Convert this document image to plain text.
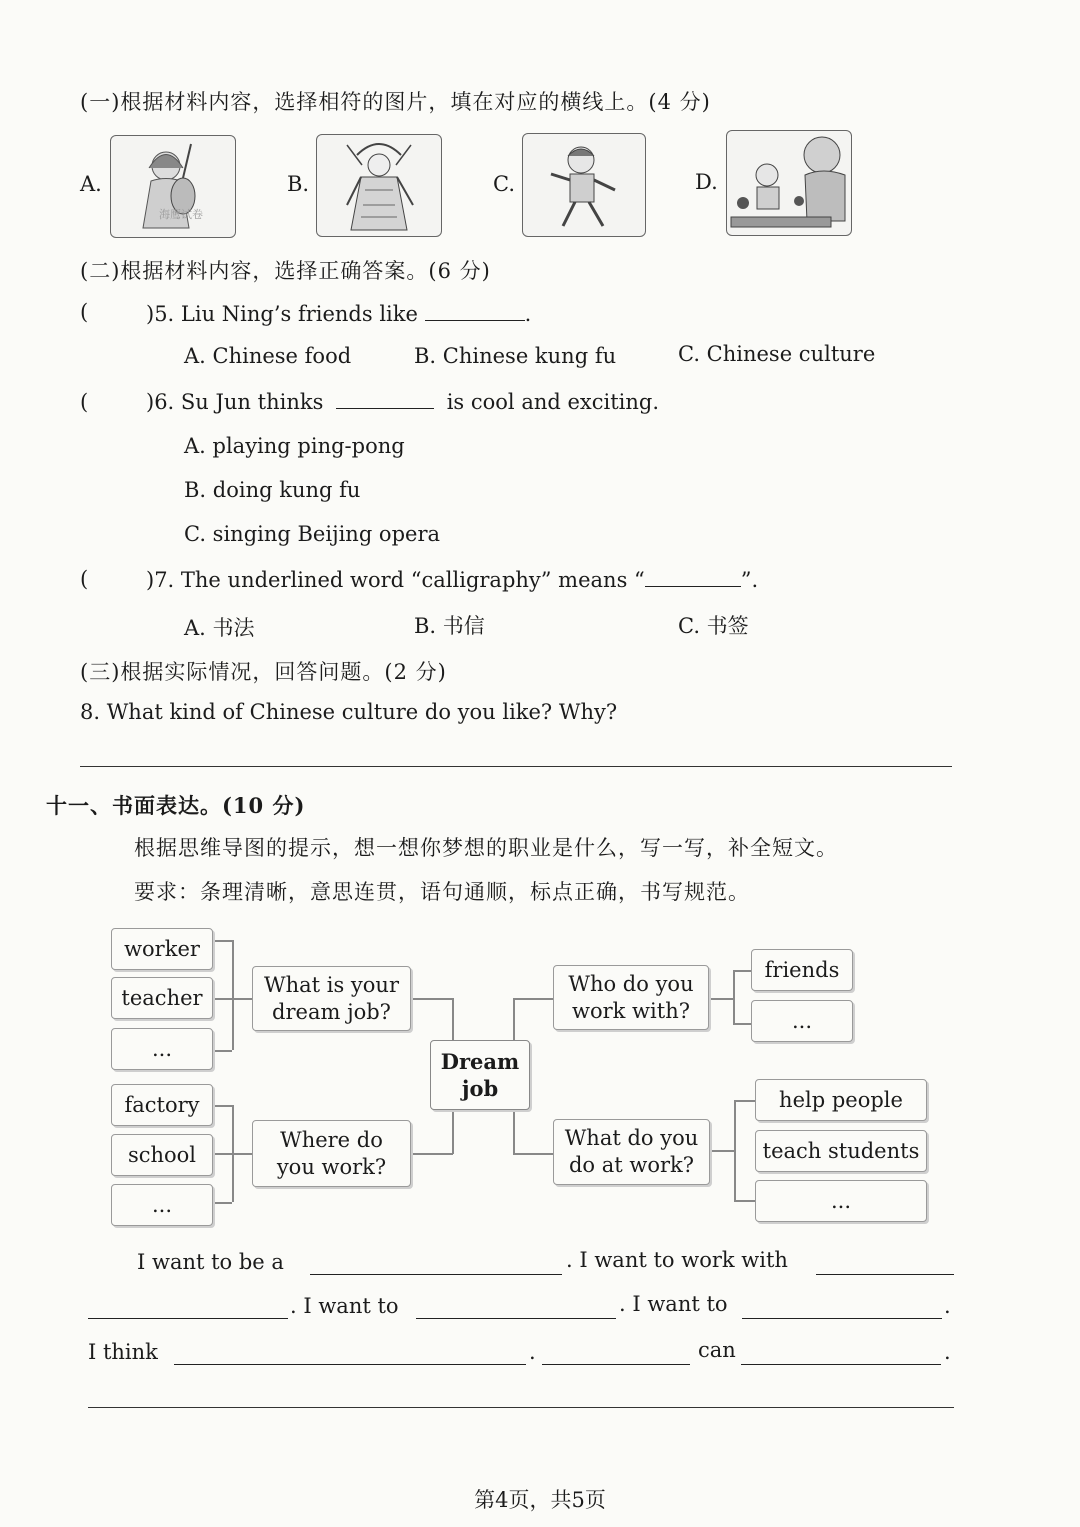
(一)根据材料内容，选择相符的图片，填在对应的横线上。(4 分)
A.
海鹰试卷
B.	C.	D.
(二)根据材料内容，选择正确答案。(6 分)
(	)5. Liu Ning’s friends like	.
A. Chinese food	B. Chinese kung fu	C. Chinese culture
(	)6. Su Jun thinks	is cool and exciting.
A. playing ping-pong
B. doing kung fu
C. singing Beijing opera
(	)7. The underlined word “calligraphy” means “	”.
A. 书法	B. 书信	C. 书签
(三)根据实际情况，回答问题。(2 分)
8. What kind of Chinese culture do you like? Why?
十一、书面表达。(10 分)
根据思维导图的提示，想一想你梦想的职业是什么，写一写，补全短文。
要求：条理清晰，意思连贯，语句通顺，标点正确，书写规范。
worker
teacher
...
What is your
dream job?
factory
school
...
Where do
you work?
Dream
job
Who do you
work with?
What do you
do at work?
friends
...
help people
teach students
...
I want to be a	. I want to work with
. I want to	. I want to	.
I think	.	can	.
第4页，共5页
